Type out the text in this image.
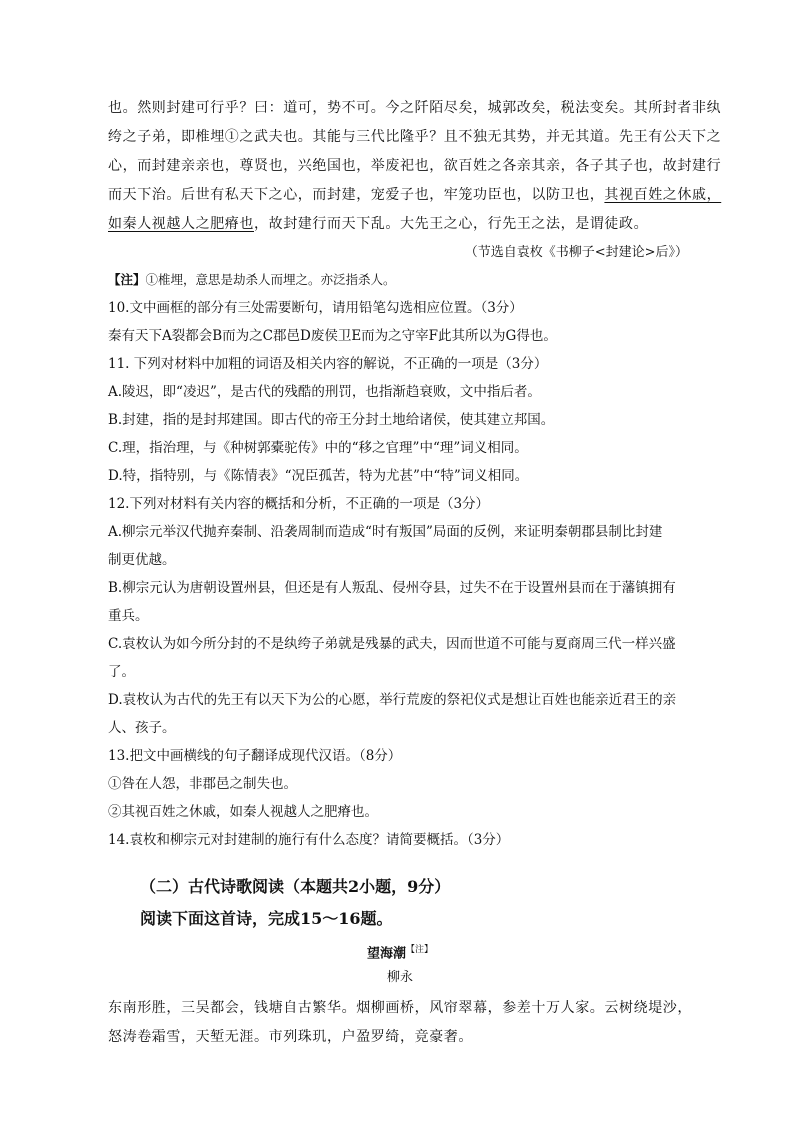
也。然则封建可行乎？曰：道可，势不可。今之阡陌尽矣，城郭改矣，税法变矣。其所封者非纨
绔之子弟，即椎埋①之武夫也。其能与三代比隆乎？且不独无其势，并无其道。先王有公天下之
心，而封建亲亲也，尊贤也，兴绝国也，举废祀也，欲百姓之各亲其亲，各子其子也，故封建行
而天下治。后世有私天下之心，而封建，宠爱子也，牢笼功臣也，以防卫也，其视百姓之休戚，
如秦人视越人之肥瘠也，故封建行而天下乱。大先王之心，行先王之法，是谓徒政。
（节选自袁枚《书柳子<封建论>后》）
【注】①椎埋，意思是劫杀人而埋之。亦泛指杀人。
10.文中画框的部分有三处需要断句，请用铅笔勾选相应位置。（3分）
秦有天下A裂都会B而为之C郡邑D废侯卫E而为之守宰F此其所以为G得也。
11. 下列对材料中加粗的词语及相关内容的解说，不正确的一项是（3分）
A.陵迟，即“凌迟”，是古代的残酷的刑罚，也指渐趋衰败，文中指后者。
B.封建，指的是封邦建国。即古代的帝王分封土地给诸侯，使其建立邦国。
C.理，指治理，与《种树郭橐驼传》中的“移之官理”中“理”词义相同。
D.特，指特别，与《陈情表》“况臣孤苦，特为尤甚”中“特”词义相同。
12.下列对材料有关内容的概括和分析，不正确的一项是（3分）
A.柳宗元举汉代抛弃秦制、沿袭周制而造成“时有叛国”局面的反例，来证明秦朝郡县制比封建
制更优越。
B.柳宗元认为唐朝设置州县，但还是有人叛乱、侵州夺县，过失不在于设置州县而在于藩镇拥有
重兵。
C.袁枚认为如今所分封的不是纨绔子弟就是残暴的武夫，因而世道不可能与夏商周三代一样兴盛
了。
D.袁枚认为古代的先王有以天下为公的心愿，举行荒废的祭祀仪式是想让百姓也能亲近君王的亲
人、孩子。
13.把文中画横线的句子翻译成现代汉语。（8分）
①咎在人怨，非郡邑之制失也。
②其视百姓之休戚，如秦人视越人之肥瘠也。
14.袁枚和柳宗元对封建制的施行有什么态度？请简要概括。（3分）
（二）古代诗歌阅读（本题共2小题，9分）
阅读下面这首诗，完成15～16题。
望海潮$^{【注】}$
柳永
东南形胜，三吴都会，钱塘自古繁华。烟柳画桥，风帘翠幕，参差十万人家。云树绕堤沙，
怒涛卷霜雪，天堑无涯。市列珠玑，户盈罗绮，竞豪奢。
